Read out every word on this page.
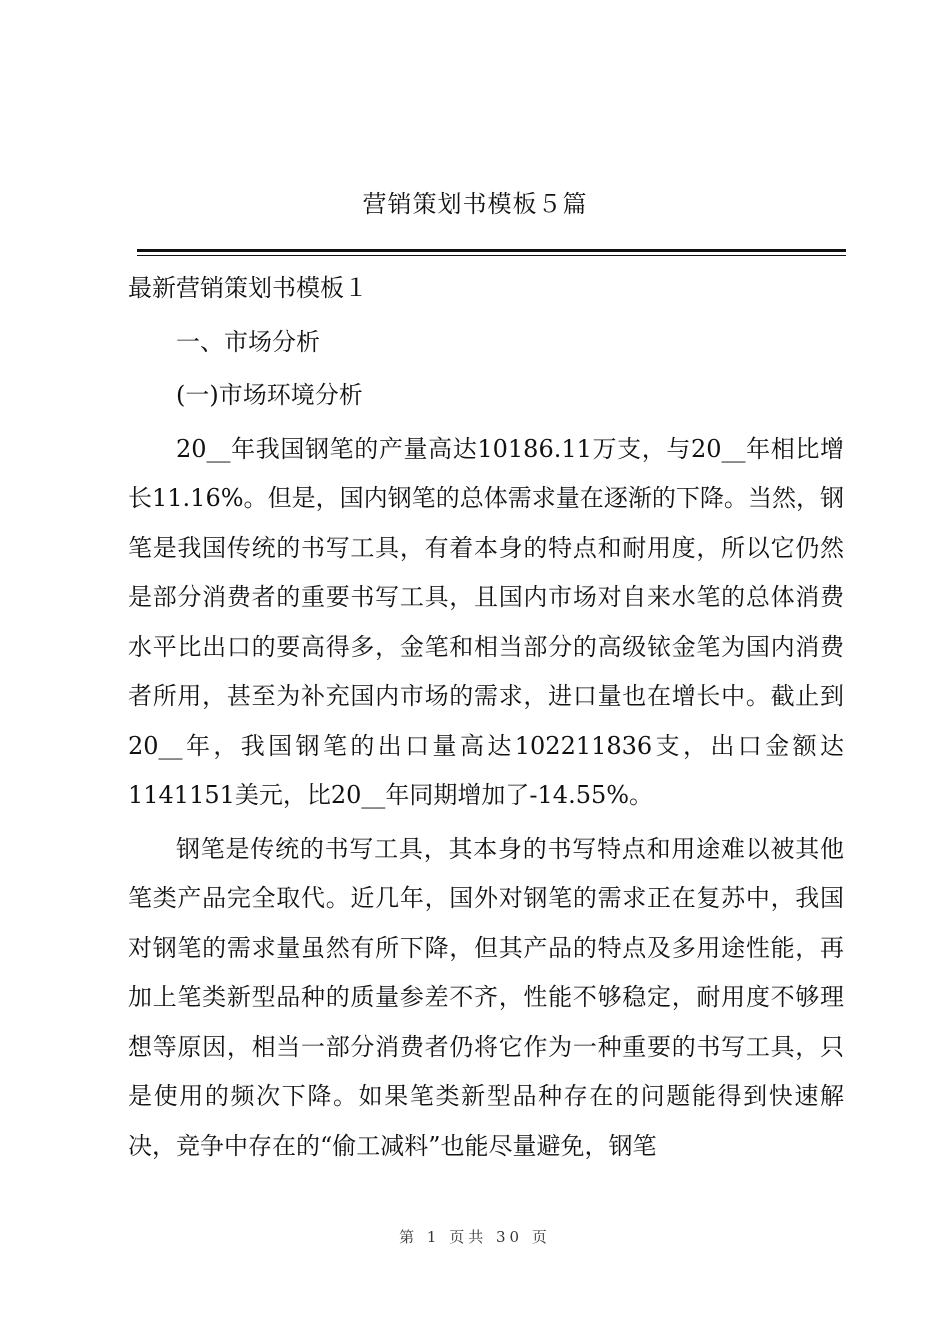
营销策划书模板５篇

最新营销策划书模板１

一、市场分析

(一)市场环境分析

20__年我国钢笔的产量高达10186.11万支，与20__年相比增长11.16%。但是，国内钢笔的总体需求量在逐渐的下降。当然，钢笔是我国传统的书写工具，有着本身的特点和耐用度，所以它仍然是部分消费者的重要书写工具，且国内市场对自来水笔的总体消费水平比出口的要高得多，金笔和相当部分的高级铱金笔为国内消费者所用，甚至为补充国内市场的需求，进口量也在增长中。截止到20__年，我国钢笔的出口量高达102211836支，出口金额达1141151美元，比20__年同期增加了-14.55%。

钢笔是传统的书写工具，其本身的书写特点和用途难以被其他笔类产品完全取代。近几年，国外对钢笔的需求正在复苏中，我国对钢笔的需求量虽然有所下降，但其产品的特点及多用途性能，再加上笔类新型品种的质量参差不齐，性能不够稳定，耐用度不够理想等原因，相当一部分消费者仍将它作为一种重要的书写工具，只是使用的频次下降。如果笔类新型品种存在的问题能得到快速解决，竞争中存在的“偷工减料”也能尽量避免，钢笔

第 1 页共 30 页
